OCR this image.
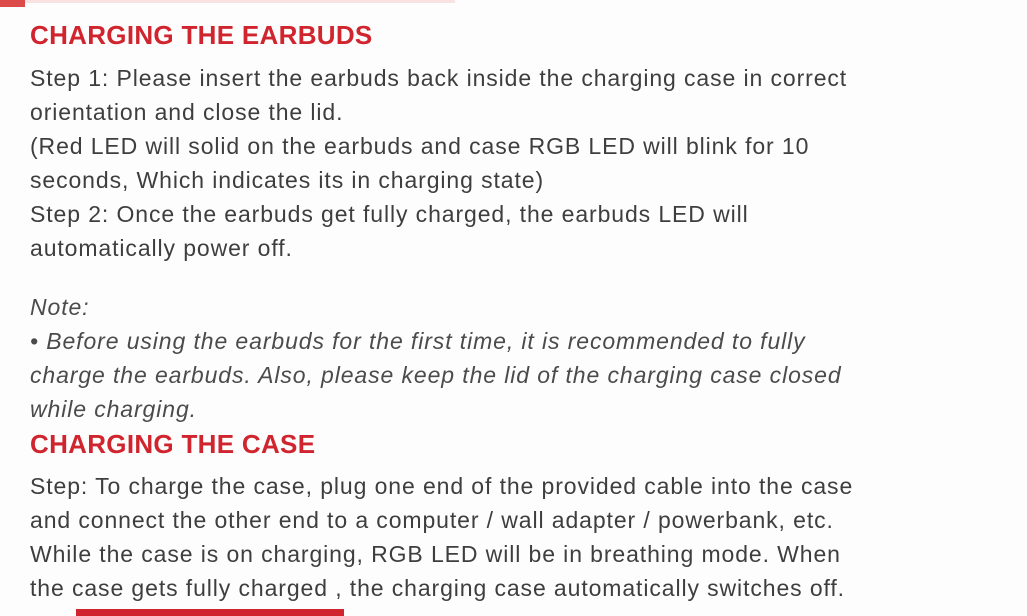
CHARGING THE EARBUDS
Step 1: Please insert the earbuds back inside the charging case in correct
orientation and close the lid.
(Red LED will solid on the earbuds and case RGB LED will blink for 10
seconds, Which indicates its in charging state)
Step 2: Once the earbuds get fully charged, the earbuds LED will
automatically power off.
Note:
• Before using the earbuds for the first time, it is recommended to fully
charge the earbuds. Also, please keep the lid of the charging case closed
while charging.
CHARGING THE CASE
Step: To charge the case, plug one end of the provided cable into the case
and connect the other end to a computer / wall adapter / powerbank, etc.
While the case is on charging, RGB LED will be in breathing mode. When
the case gets fully charged , the charging case automatically switches off.
